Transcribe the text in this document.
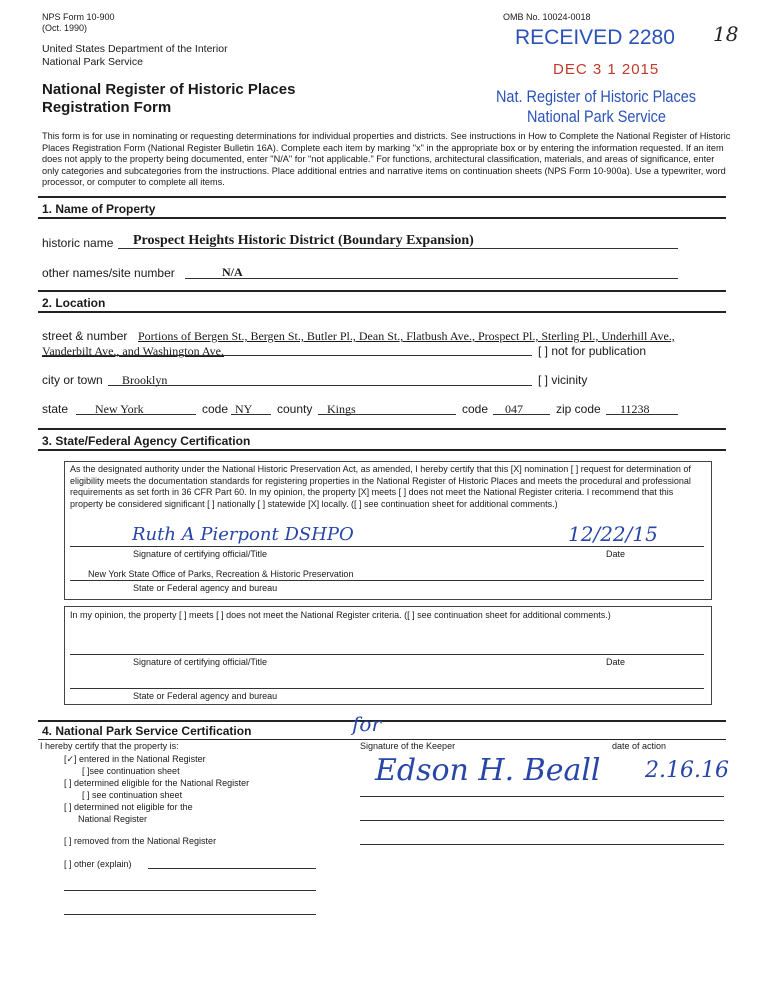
NPS Form 10-900
(Oct. 1990)
OMB No. 10024-0018
United States Department of the Interior
National Park Service
National Register of Historic Places
Registration Form
RECEIVED 2280 18
DEC 3 1 2015
Nat. Register of Historic Places
National Park Service
This form is for use in nominating or requesting determinations for individual properties and districts. See instructions in How to Complete the National Register of Historic Places Registration Form (National Register Bulletin 16A). Complete each item by marking "x" in the appropriate box or by entering the information requested. If an item does not apply to the property being documented, enter "N/A" for "not applicable." For functions, architectural classification, materials, and areas of significance, enter only categories and subcategories from the instructions. Place additional entries and narrative items on continuation sheets (NPS Form 10-900a). Use a typewriter, word processor, or computer to complete all items.
1. Name of Property
historic name Prospect Heights Historic District (Boundary Expansion)
other names/site number	N/A
2. Location
street & number Portions of Bergen St., Bergen St., Butler Pl., Dean St., Flatbush Ave., Prospect Pl., Sterling Pl., Underhill Ave.,
Vanderbilt Ave., and Washington Ave.	[ ] not for publication
city or town Brooklyn	[ ] vicinity
state New York	code NY county Kings	code 047	zip code 11238
3. State/Federal Agency Certification
As the designated authority under the National Historic Preservation Act, as amended, I hereby certify that this [X] nomination [ ] request for determination of eligibility meets the documentation standards for registering properties in the National Register of Historic Places and meets the procedural and professional requirements as set forth in 36 CFR Part 60. In my opinion, the property [X] meets [ ] does not meet the National Register criteria. I recommend that this property be considered significant [ ] nationally [ ] statewide [X] locally. ([ ] see continuation sheet for additional comments.)
Ruth A Pierpont DSHPO	12/22/15
Signature of certifying official/Title	Date
New York State Office of Parks, Recreation & Historic Preservation
State or Federal agency and bureau
In my opinion, the property [ ] meets [ ] does not meet the National Register criteria. ([ ] see continuation sheet for additional comments.)
Signature of certifying official/Title	Date
State or Federal agency and bureau
4. National Park Service Certification
I hereby certify that the property is:
[✓] entered in the National Register
[ ]see continuation sheet
[ ] determined eligible for the National Register
[ ] see continuation sheet
[ ] determined not eligible for the
National Register
[ ] removed from the National Register
[ ] other (explain)
Signature of the Keeper	date of action
for
Edson H. Beall 2.16.16
